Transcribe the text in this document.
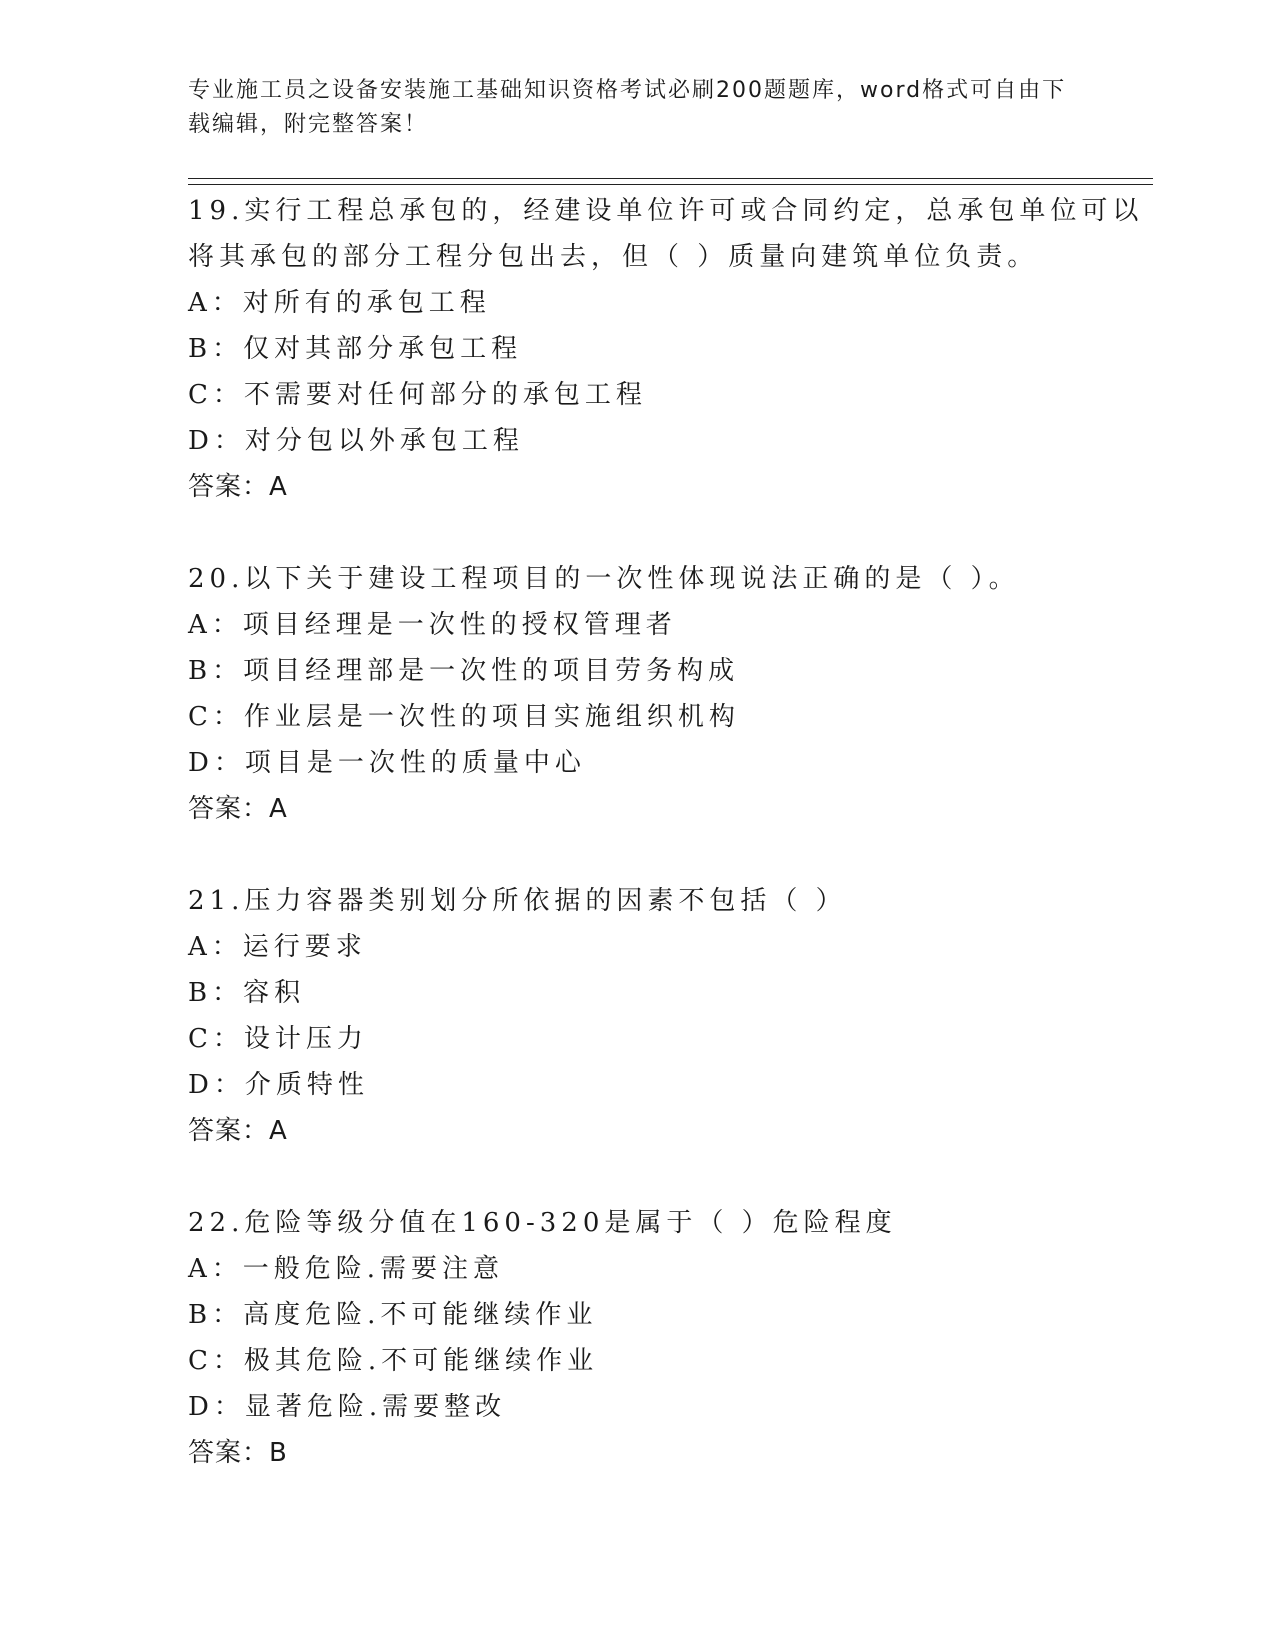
专业施工员之设备安装施工基础知识资格考试必刷200题题库，word格式可自由下载编辑，附完整答案！

19.实行工程总承包的，经建设单位许可或合同约定，总承包单位可以将其承包的部分工程分包出去，但（ ）质量向建筑单位负责。

A：对所有的承包工程

B：仅对其部分承包工程

C：不需要对任何部分的承包工程

D：对分包以外承包工程

答案：A

20.以下关于建设工程项目的一次性体现说法正确的是（ ）。

A：项目经理是一次性的授权管理者

B：项目经理部是一次性的项目劳务构成

C：作业层是一次性的项目实施组织机构

D：项目是一次性的质量中心

答案：A

21.压力容器类别划分所依据的因素不包括（ ）

A：运行要求

B：容积

C：设计压力

D：介质特性

答案：A

22.危险等级分值在160-320是属于（ ）危险程度

A：一般危险.需要注意

B：高度危险.不可能继续作业

C：极其危险.不可能继续作业

D：显著危险.需要整改

答案：B
